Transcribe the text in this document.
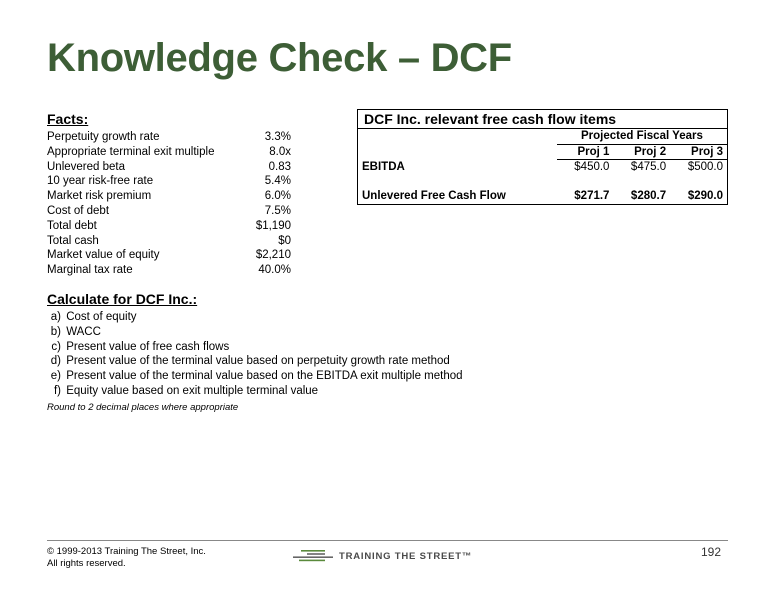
Knowledge Check – DCF
Facts:
Perpetuity growth rate	3.3%
Appropriate terminal exit multiple	8.0x
Unlevered beta	0.83
10 year risk-free rate	5.4%
Market risk premium	6.0%
Cost of debt	7.5%
Total debt	$1,190
Total cash	$0
Market value of equity	$2,210
Marginal tax rate	40.0%
DCF Inc. relevant free cash flow items			
	Projected Fiscal Years		
	Proj 1	Proj 2	Proj 3
EBITDA	$450.0	$475.0	$500.0

Unlevered Free Cash Flow	$271.7	$280.7	$290.0
Calculate for DCF Inc.:
a) Cost of equity
b) WACC
c) Present value of free cash flows
d) Present value of the terminal value based on perpetuity growth rate method
e) Present value of the terminal value based on the EBITDA exit multiple method
f) Equity value based on exit multiple terminal value
Round to 2 decimal places where appropriate
© 1999-2013 Training The Street, Inc.
All rights reserved.
TRAINING THE STREET™	192
